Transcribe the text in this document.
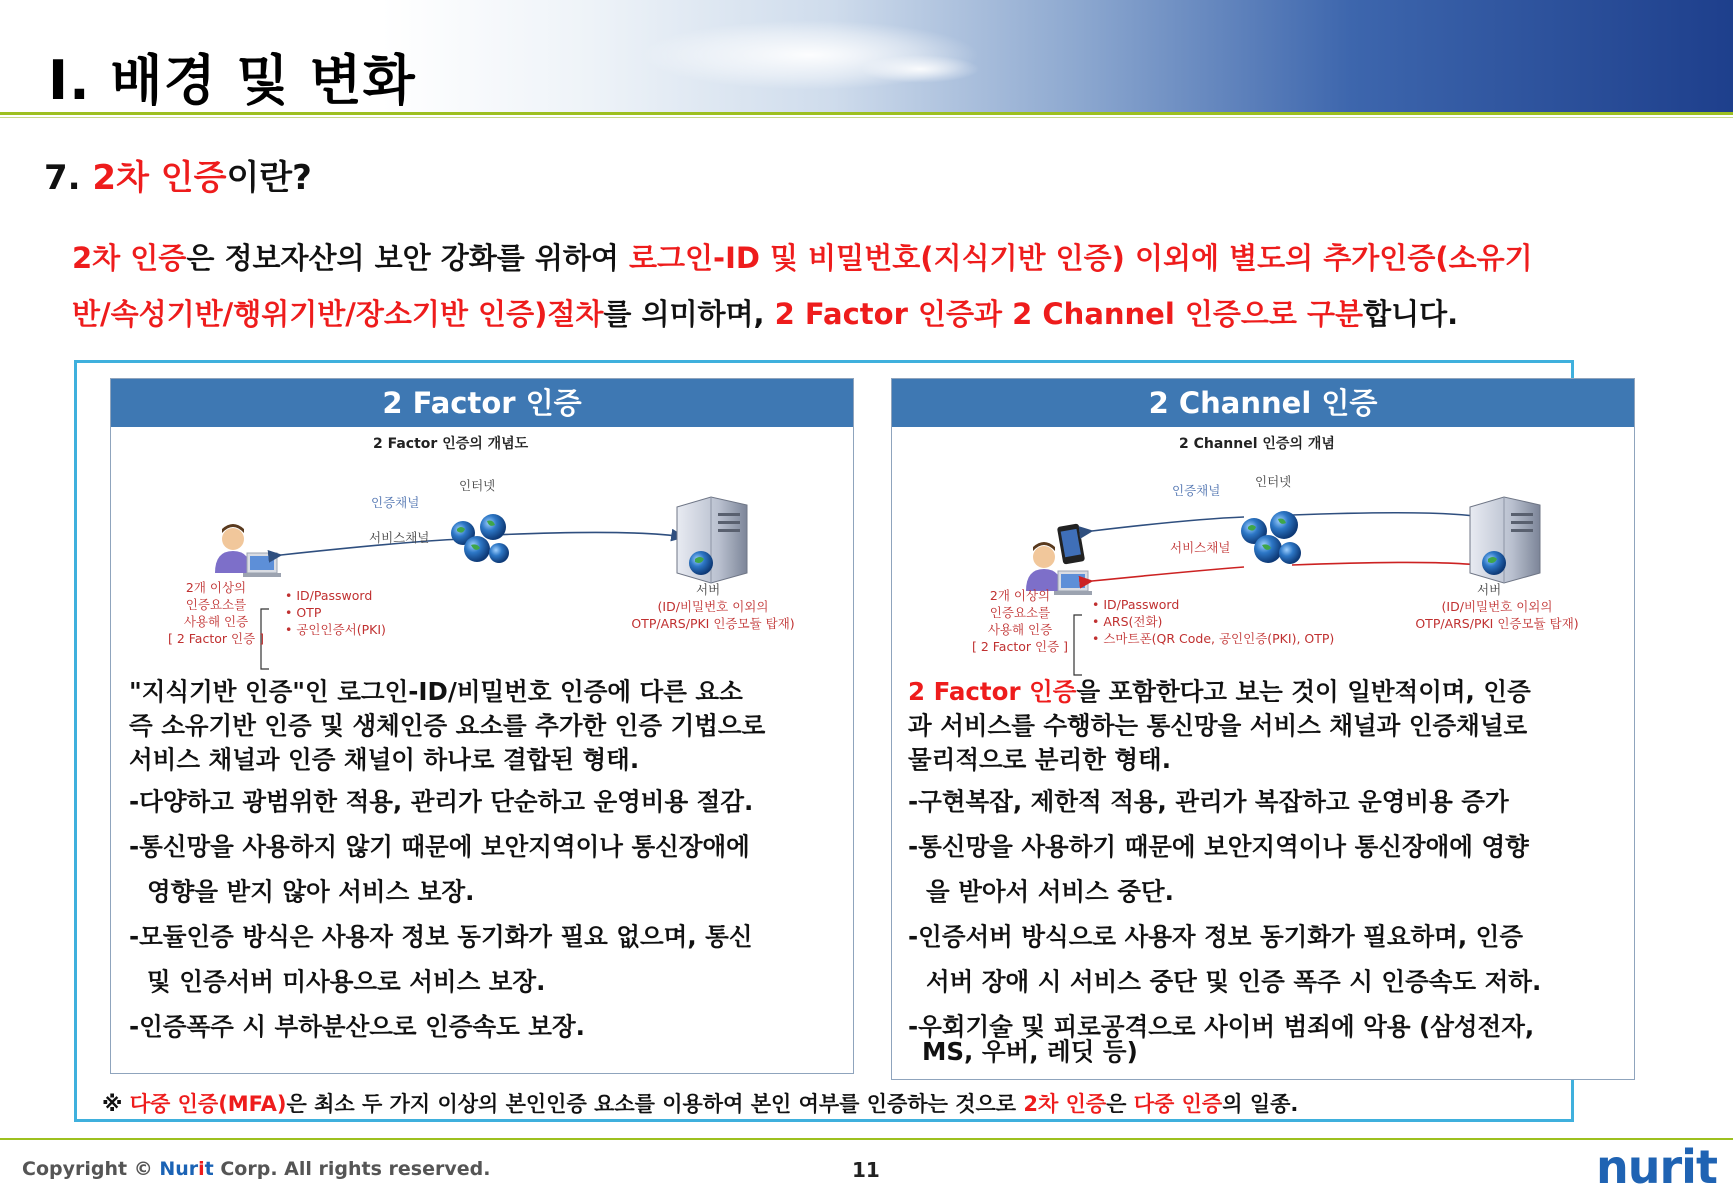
Ⅰ. 배경 및 변화
7. 2차 인증이란?
2차 인증은 정보자산의 보안 강화를 위하여 로그인-ID 및 비밀번호(지식기반 인증) 이외에 별도의 추가인증(소유기
반/속성기반/행위기반/장소기반 인증)절차를 의미하며, 2 Factor 인증과 2 Channel 인증으로 구분합니다.
2 Factor 인증
2 Factor 인증의 개념도
인터넷
인증채널
서비스채널
2개 이상의
인증요소를
사용해 인증
[ 2 Factor 인증 ]
• ID/Password
• OTP
• 공인인증서(PKI)
서버
(ID/비밀번호 이외의
OTP/ARS/PKI 인증모듈 탑재)
"지식기반 인증"인 로그인-ID/비밀번호 인증에 다른 요소
즉 소유기반 인증 및 생체인증 요소를 추가한 인증 기법으로
서비스 채널과 인증 채널이 하나로 결합된 형태.
-다양하고 광범위한 적용, 관리가 단순하고 운영비용 절감.
-통신망을 사용하지 않기 때문에 보안지역이나 통신장애에
영향을 받지 않아 서비스 보장.
-모듈인증 방식은 사용자 정보 동기화가 필요 없으며, 통신
및 인증서버 미사용으로 서비스 보장.
-인증폭주 시 부하분산으로 인증속도 보장.
2 Channel 인증
2 Channel 인증의 개념
인터넷
인증채널
서비스채널
2개 이상의
인증요소를
사용해 인증
[ 2 Factor 인증 ]
• ID/Password
• ARS(전화)
• 스마트폰(QR Code, 공인인증(PKI), OTP)
서버
(ID/비밀번호 이외의
OTP/ARS/PKI 인증모듈 탑재)
2 Factor 인증을 포함한다고 보는 것이 일반적이며, 인증
과 서비스를 수행하는 통신망을 서비스 채널과 인증채널로
물리적으로 분리한 형태.
-구현복잡, 제한적 적용, 관리가 복잡하고 운영비용 증가
-통신망을 사용하기 때문에 보안지역이나 통신장애에 영향
을 받아서 서비스 중단.
-인증서버 방식으로 사용자 정보 동기화가 필요하며, 인증
서버 장애 시 서비스 중단 및 인증 폭주 시 인증속도 저하.
-우회기술 및 피로공격으로 사이버 범죄에 악용 (삼성전자,
MS, 우버, 레딧 등)
※ 다중 인증(MFA)은 최소 두 가지 이상의 본인인증 요소를 이용하여 본인 여부를 인증하는 것으로 2차 인증은 다중 인증의 일종.
Copyright © Nurit Corp. All rights reserved.	11	nurit
